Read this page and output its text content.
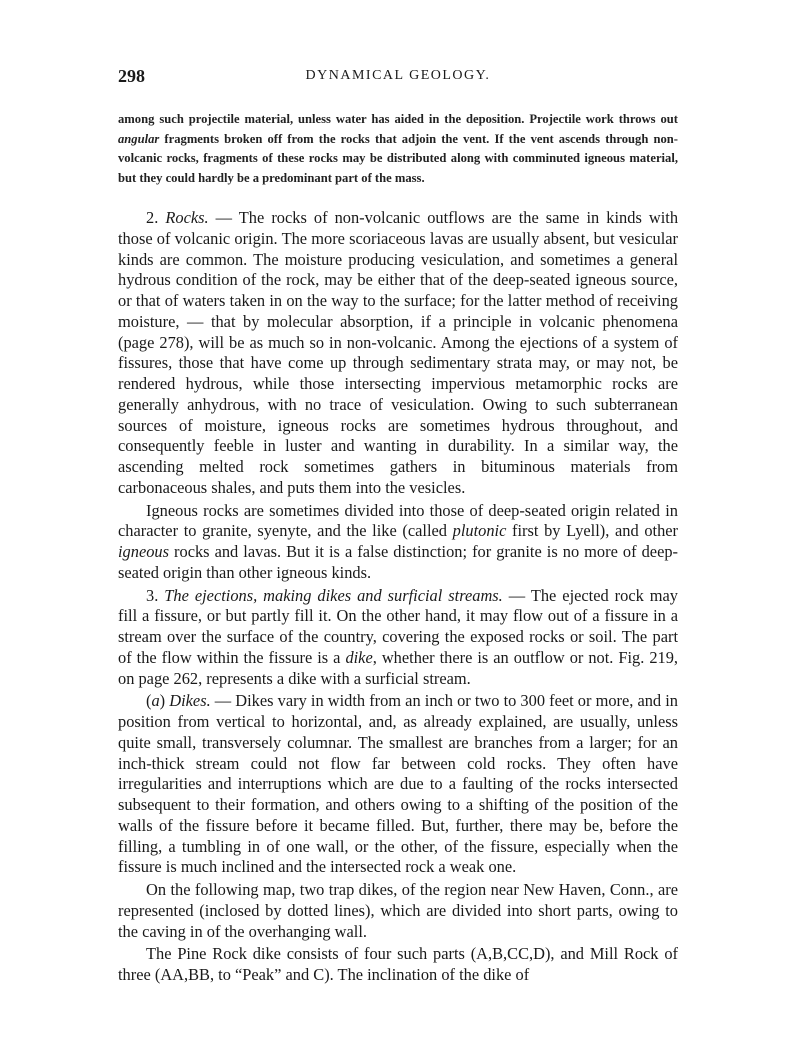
298	DYNAMICAL GEOLOGY.
among such projectile material, unless water has aided in the deposition. Projectile work throws out angular fragments broken off from the rocks that adjoin the vent. If the vent ascends through non-volcanic rocks, fragments of these rocks may be distributed along with comminuted igneous material, but they could hardly be a predominant part of the mass.

2. Rocks. — The rocks of non-volcanic outflows are the same in kinds with those of volcanic origin. The more scoriaceous lavas are usually absent, but vesicular kinds are common. The moisture producing vesiculation, and sometimes a general hydrous condition of the rock, may be either that of the deep-seated igneous source, or that of waters taken in on the way to the surface; for the latter method of receiving moisture, — that by molecular absorption, if a principle in volcanic phenomena (page 278), will be as much so in non-volcanic. Among the ejections of a system of fissures, those that have come up through sedimentary strata may, or may not, be rendered hydrous, while those intersecting impervious metamorphic rocks are generally anhydrous, with no trace of vesiculation. Owing to such subterranean sources of moisture, igneous rocks are sometimes hydrous throughout, and consequently feeble in luster and wanting in durability. In a similar way, the ascending melted rock sometimes gathers in bituminous materials from carbonaceous shales, and puts them into the vesicles.

Igneous rocks are sometimes divided into those of deep-seated origin related in character to granite, syenyte, and the like (called plutonic first by Lyell), and other igneous rocks and lavas. But it is a false distinction; for granite is no more of deep-seated origin than other igneous kinds.

3. The ejections, making dikes and surficial streams. — The ejected rock may fill a fissure, or but partly fill it. On the other hand, it may flow out of a fissure in a stream over the surface of the country, covering the exposed rocks or soil. The part of the flow within the fissure is a dike, whether there is an outflow or not. Fig. 219, on page 262, represents a dike with a surficial stream.

(a) Dikes. — Dikes vary in width from an inch or two to 300 feet or more, and in position from vertical to horizontal, and, as already explained, are usually, unless quite small, transversely columnar. The smallest are branches from a larger; for an inch-thick stream could not flow far between cold rocks. They often have irregularities and interruptions which are due to a faulting of the rocks intersected subsequent to their formation, and others owing to a shifting of the position of the walls of the fissure before it became filled. But, further, there may be, before the filling, a tumbling in of one wall, or the other, of the fissure, especially when the fissure is much inclined and the intersected rock a weak one.

On the following map, two trap dikes, of the region near New Haven, Conn., are represented (inclosed by dotted lines), which are divided into short parts, owing to the caving in of the overhanging wall.

The Pine Rock dike consists of four such parts (A,B,CC,D), and Mill Rock of three (AA,BB, to “Peak” and C). The inclination of the dike of
